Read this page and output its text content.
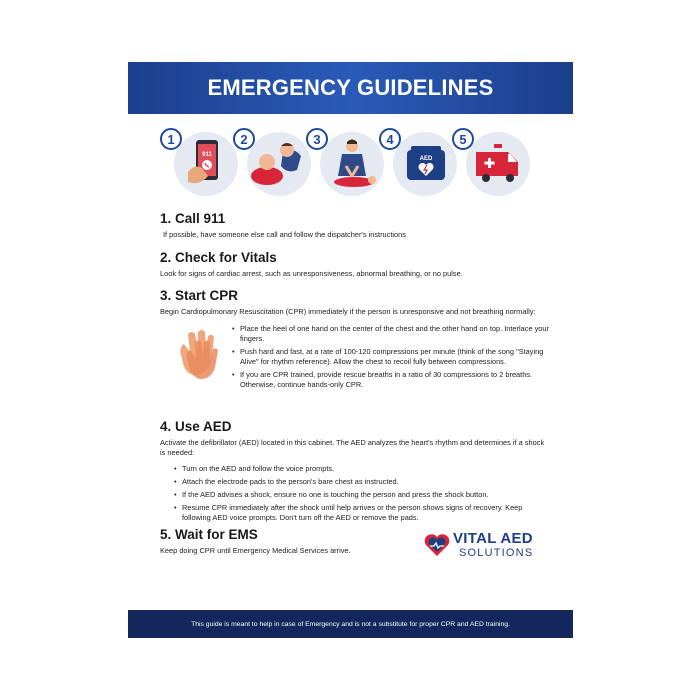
EMERGENCY GUIDELINES
911
1	2	3
AED
4	5
1. Call 911
If possible, have someone else call and follow the dispatcher's instructions
2. Check for Vitals
Look for signs of cardiac arrest, such as unresponsiveness, abnormal breathing, or no pulse.
3. Start CPR
Begin Cardiopulmonary Resuscitation (CPR) immediately if the person is unresponsive and not breathing normally:
• Place the heel of one hand on the center of the chest and the other hand on top. Interlace your fingers.
• Push hard and fast, at a rate of 100-120 compressions per minute (think of the song "Staying Alive" for rhythm reference). Allow the chest to recoil fully between compressions.
• If you are CPR trained, provide rescue breaths in a ratio of 30 compressions to 2 breaths. Otherwise, continue hands-only CPR.
4. Use AED
Activate the defibrillator (AED) located in this cabinet. The AED analyzes the heart's rhythm and determines if a shock is needed:
• Turn on the AED and follow the voice prompts.
• Attach the electrode pads to the person's bare chest as instructed.
• If the AED advises a shock, ensure no one is touching the person and press the shock button.
• Resume CPR immediately after the shock until help arrives or the person shows signs of recovery. Keep following AED voice prompts. Don't turn off the AED or remove the pads.
5. Wait for EMS
Keep doing CPR until Emergency Medical Services arrive.
VITAL AED
SOLUTIONS
This guide is meant to help in case of Emergency and is not a substitute for proper CPR and AED training.
